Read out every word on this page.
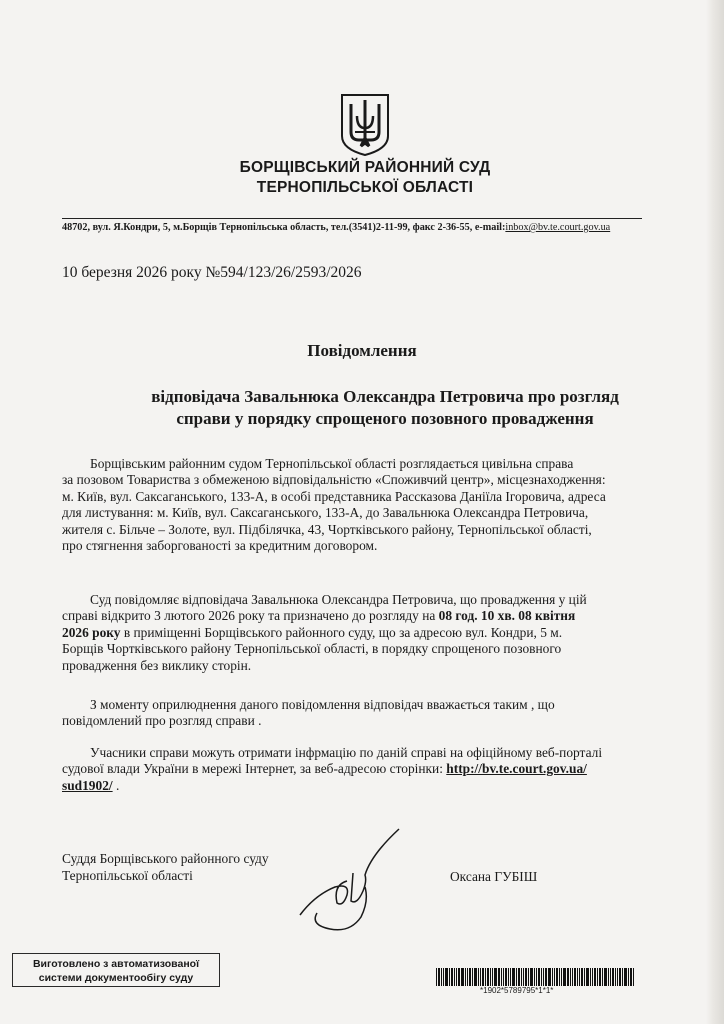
БОРЩІВСЬКИЙ РАЙОННИЙ СУД
ТЕРНОПІЛЬСЬКОЇ ОБЛАСТІ
48702, вул. Я.Кондри, 5, м.Борщів Тернопільська область, тел.(3541)2-11-99, факс 2-36-55, e-mail:inbox@bv.te.court.gov.ua
10 березня 2026 року №594/123/26/2593/2026
Повідомлення
відповідача Завальнюка Олександра Петровича про розгляд
справи у порядку спрощеного позовного провадження

Борщівським районним судом Тернопільської області розглядається цивільна справа

за позовом Товариства з обмеженою відповідальністю «Споживчий центр», місцезнаходження:

м. Київ, вул. Саксаганського, 133-А, в особі представника Рассказова Даніїла Ігоровича, адреса

для листування: м. Київ, вул. Саксаганського, 133-А, до Завальнюка Олександра Петровича,

жителя с. Більче – Золоте, вул. Підбілячка, 43, Чортківського району, Тернопільської області,

про стягнення заборгованості за кредитним договором.

Суд повідомляє відповідача Завальнюка Олександра Петровича, що провадження у цій

справі відкрито 3 лютого 2026 року та призначено до розгляду на 08 год. 10 хв. 08 квітня

2026 року в приміщенні Борщівського районного суду, що за адресою вул. Кондри, 5 м.

Борщів Чортківського району Тернопільської області, в порядку спрощеного позовного

провадження без виклику сторін.

З моменту оприлюднення даного повідомлення відповідач вважається таким , що

повідомлений про розгляд справи .

Учасники справи можуть отримати інфрмацію по даній справі на офіційному веб-порталі

судової влади України в мережі Інтернет, за веб-адресою сторінки: http://bv.te.court.gov.ua/

sud1902/ .

Суддя Борщівського районного суду
Тернопільської області	Оксана ГУБІШ
Виготовлено з автоматизованої
системи документообігу суду
*1902*5789795*1*1*
